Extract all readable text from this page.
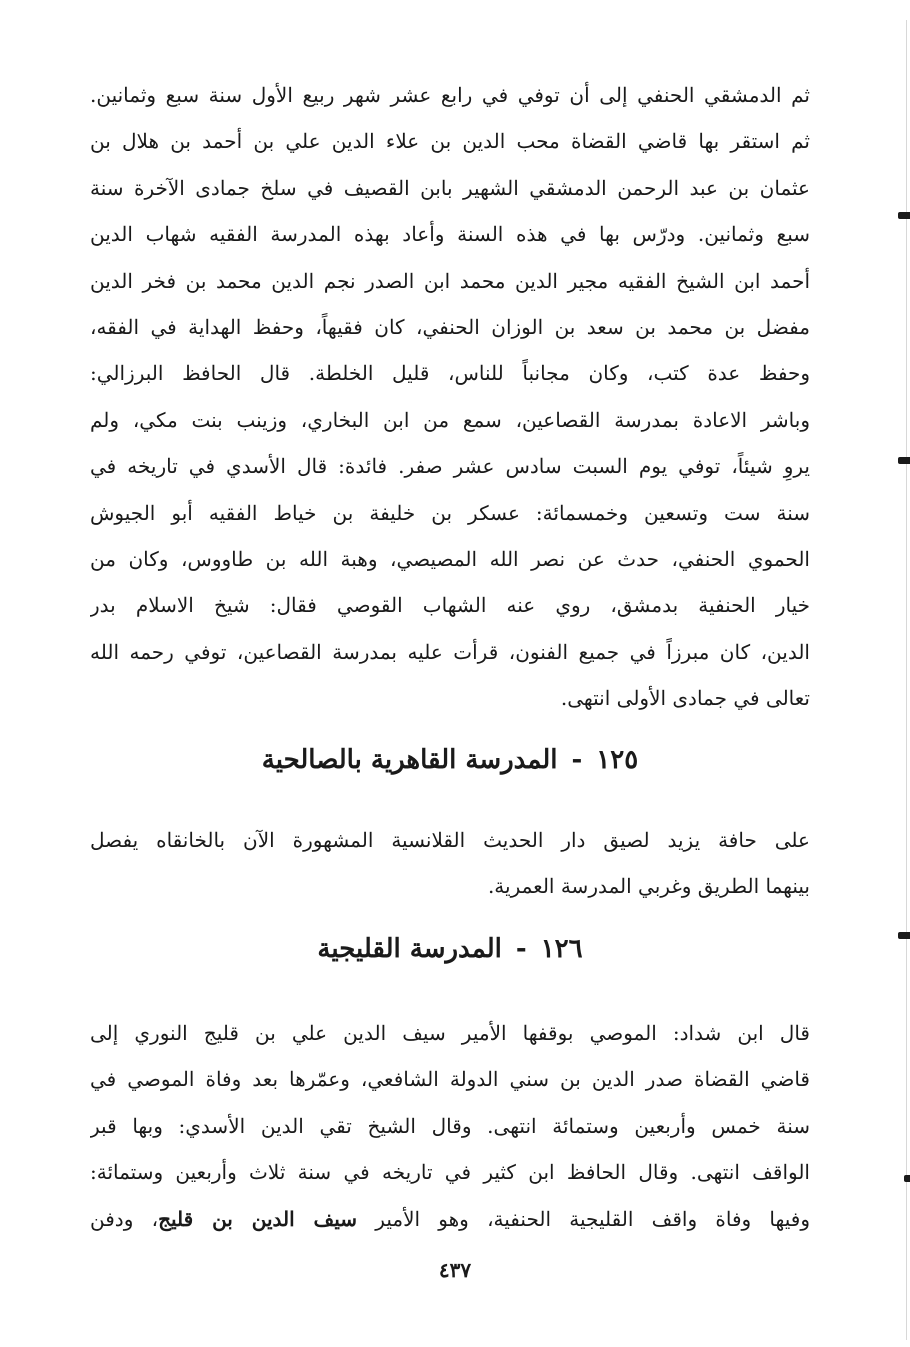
ثم الدمشقي الحنفي إلى أن توفي في رابع عشر شهر ربيع الأول سنة سبع وثمانين.
ثم استقر بها قاضي القضاة محب الدين بن علاء الدين علي بن أحمد بن هلال بن
عثمان بن عبد الرحمن الدمشقي الشهير بابن القصيف في سلخ جمادى الآخرة سنة
سبع وثمانين. ودرّس بها في هذه السنة وأعاد بهذه المدرسة الفقيه شهاب الدين
أحمد ابن الشيخ الفقيه مجير الدين محمد ابن الصدر نجم الدين محمد بن فخر الدين
مفضل بن محمد بن سعد بن الوزان الحنفي، كان فقيهاً، وحفظ الهداية في الفقه،
وحفظ عدة كتب، وكان مجانباً للناس، قليل الخلطة. قال الحافظ البرزالي:
وباشر الاعادة بمدرسة القصاعين، سمع من ابن البخاري، وزينب بنت مكي، ولم
يروِ شيئاً، توفي يوم السبت سادس عشر صفر. فائدة: قال الأسدي في تاريخه في
سنة ست وتسعين وخمسمائة: عسكر بن خليفة بن خياط الفقيه أبو الجيوش
الحموي الحنفي، حدث عن نصر الله المصيصي، وهبة الله بن طاووس، وكان من
خيار الحنفية بدمشق، روي عنه الشهاب القوصي فقال: شيخ الاسلام بدر
الدين، كان مبرزاً في جميع الفنون، قرأت عليه بمدرسة القصاعين، توفي رحمه الله
تعالى في جمادى الأولى انتهى.
١٢٥-المدرسة القاهرية بالصالحية
على حافة يزيد لصيق دار الحديث القلانسية المشهورة الآن بالخانقاه يفصل
بينهما الطريق وغربي المدرسة العمرية.
١٢٦-المدرسة القليجية
قال ابن شداد: الموصي بوقفها الأمير سيف الدين علي بن قليج النوري إلى
قاضي القضاة صدر الدين بن سني الدولة الشافعي، وعمّرها بعد وفاة الموصي في
سنة خمس وأربعين وستمائة انتهى. وقال الشيخ تقي الدين الأسدي: وبها قبر
الواقف انتهى. وقال الحافظ ابن كثير في تاريخه في سنة ثلاث وأربعين وستمائة:
وفيها وفاة واقف القليجية الحنفية، وهو الأمير سيف الدين بن قليج، ودفن
٤٣٧
